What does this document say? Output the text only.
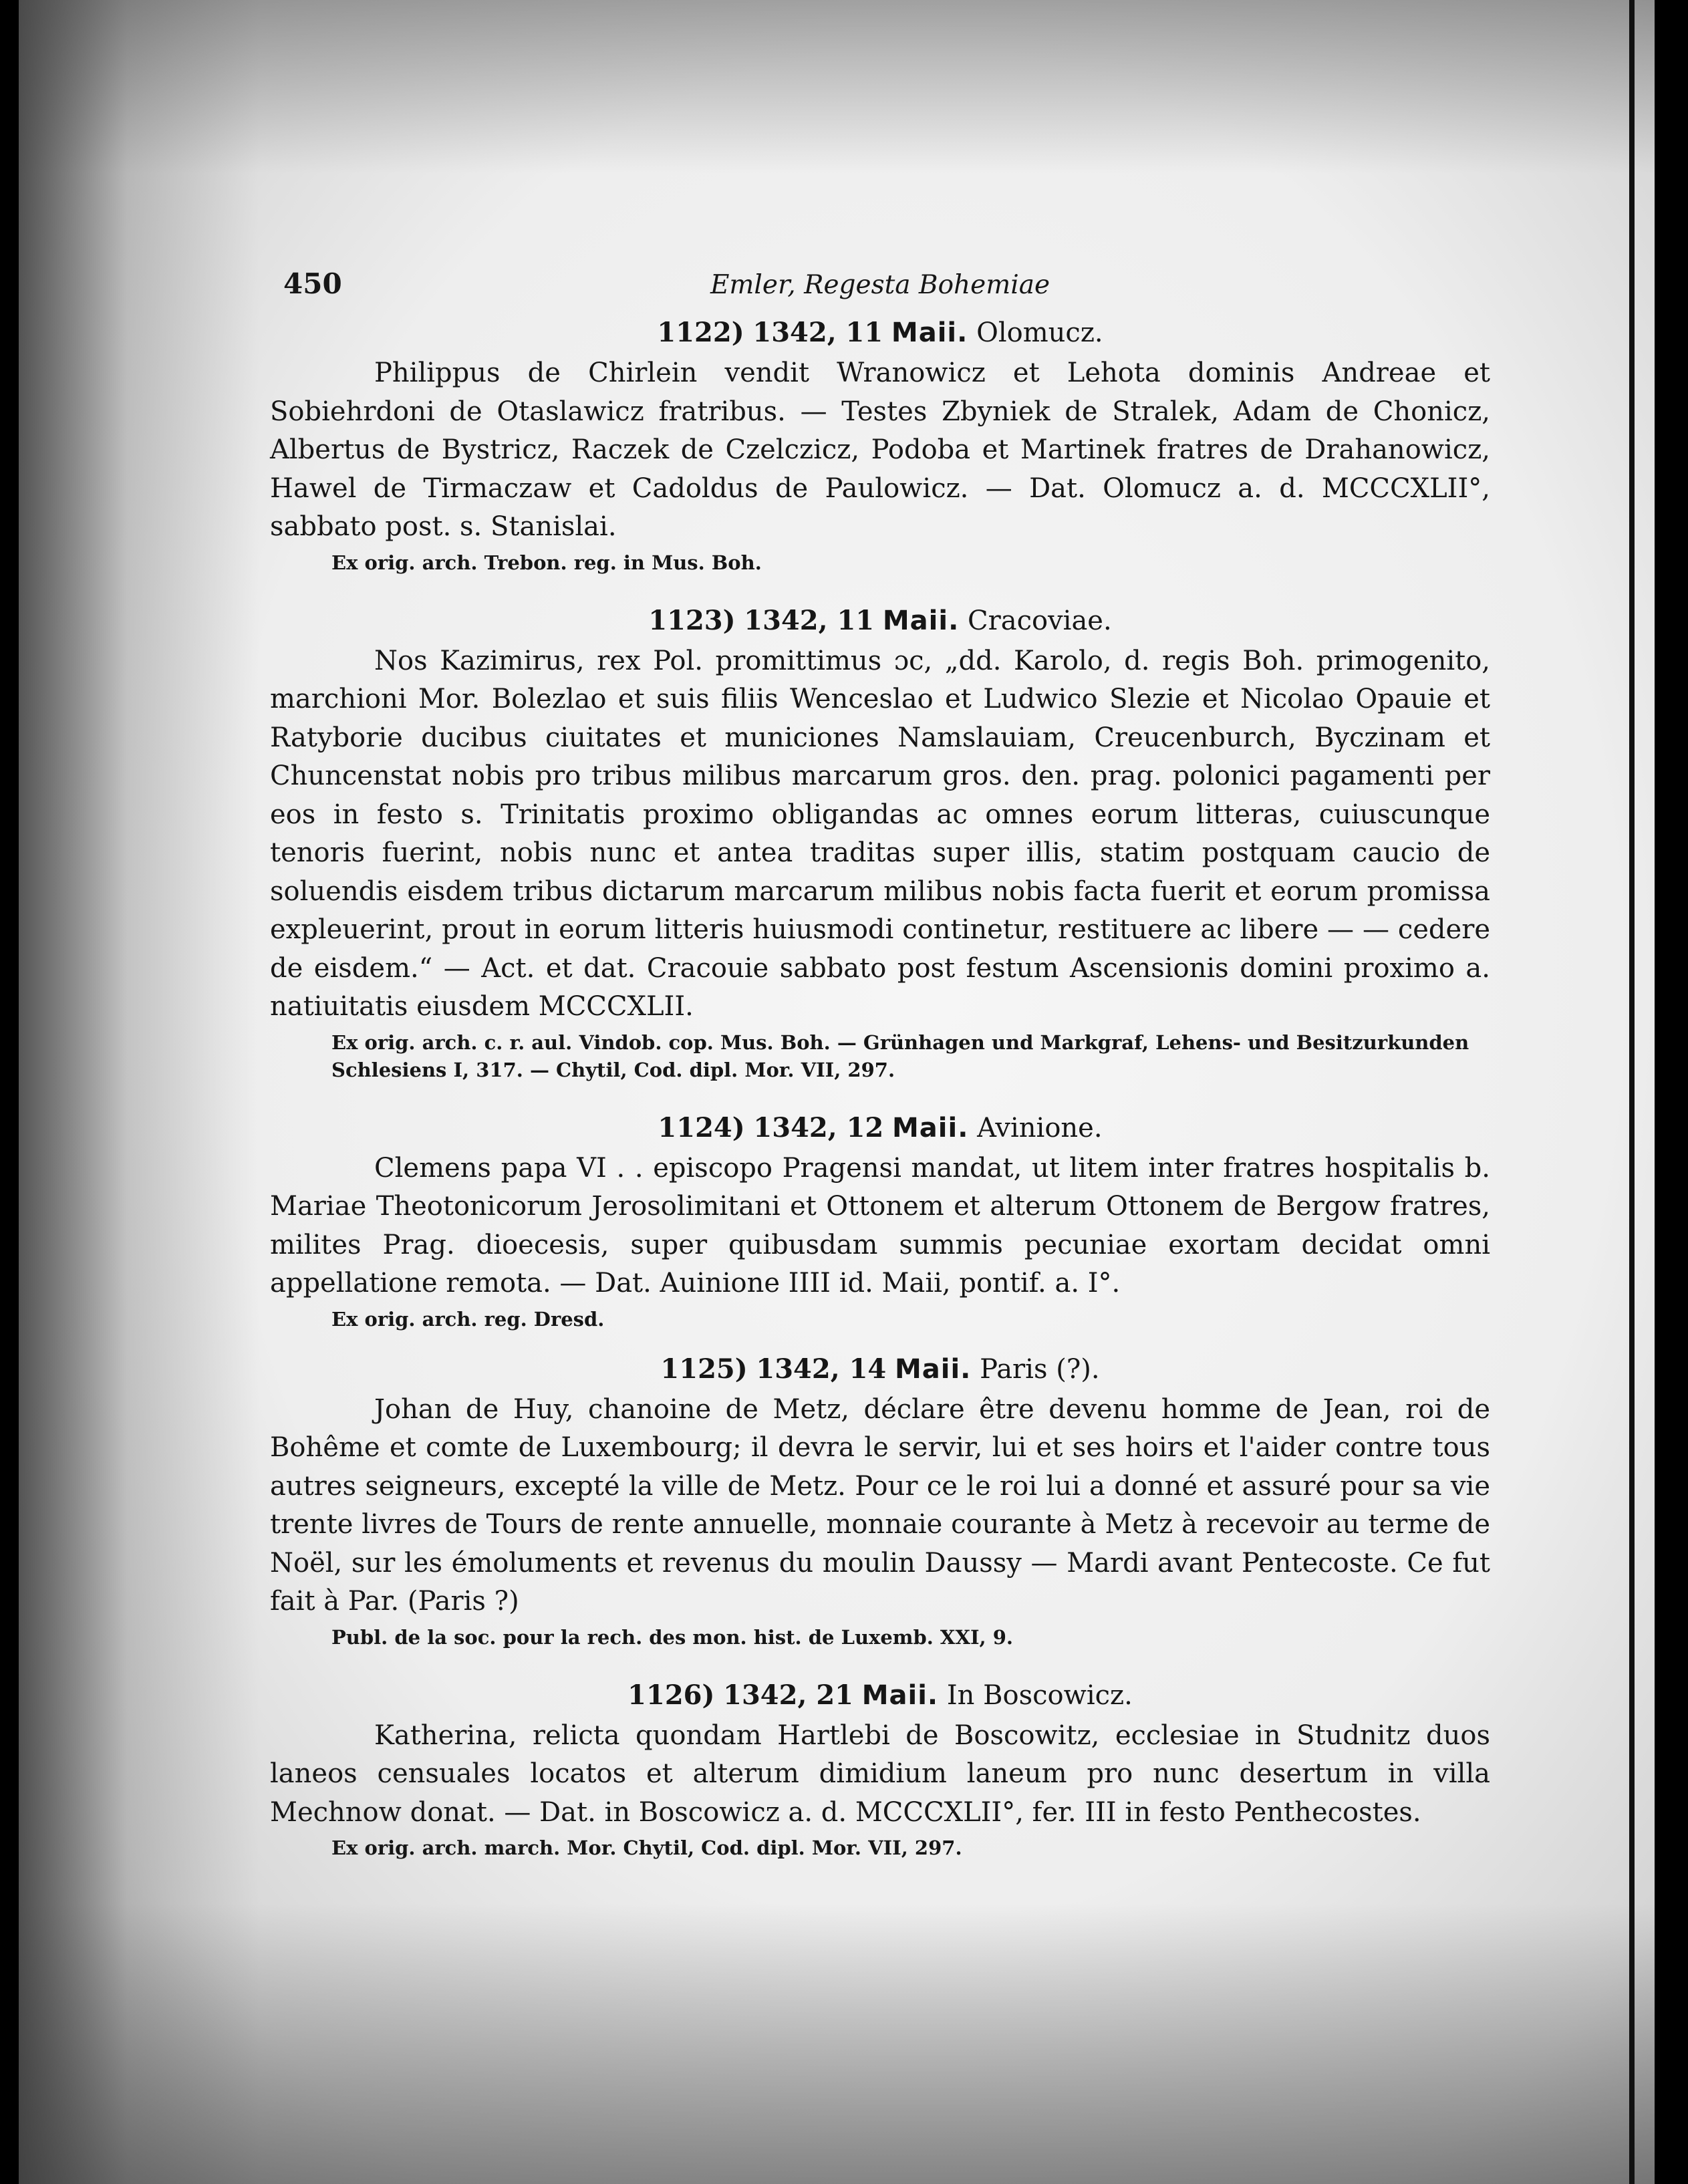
450	Emler, Regesta Bohemiae

1122) 1342, 11 Maii. Olomucz.

Philippus de Chirlein vendit Wranowicz et Lehota dominis Andreae et Sobiehrdoni de Otaslawicz fratribus. — Testes Zbyniek de Stralek, Adam de Chonicz, Albertus de Bystricz, Raczek de Czelczicz, Podoba et Martinek fratres de Drahanowicz, Hawel de Tirmaczaw et Cadoldus de Paulowicz. — Dat. Olomucz a. d. MCCCXLII°, sabbato post. s. Stanislai.

Ex orig. arch. Trebon. reg. in Mus. Boh.

1123) 1342, 11 Maii. Cracoviae.

Nos Kazimirus, rex Pol. promittimus ɔc, „dd. Karolo, d. regis Boh. primogenito, marchioni Mor. Bolezlao et suis filiis Wenceslao et Ludwico Slezie et Nicolao Opauie et Ratyborie ducibus ciuitates et municiones Namslauiam, Creucenburch, Byczinam et Chuncenstat nobis pro tribus milibus marcarum gros. den. prag. polonici pagamenti per eos in festo s. Trinitatis proximo obligandas ac omnes eorum litteras, cuiuscunque tenoris fuerint, nobis nunc et antea traditas super illis, statim postquam caucio de soluendis eisdem tribus dictarum marcarum milibus nobis facta fuerit et eorum promissa expleuerint, prout in eorum litteris huiusmodi continetur, restituere ac libere — — cedere de eisdem.“ — Act. et dat. Cracouie sabbato post festum Ascensionis domini proximo a. natiuitatis eiusdem MCCCXLII.

Ex orig. arch. c. r. aul. Vindob. cop. Mus. Boh. — Grünhagen und Markgraf, Lehens- und Besitzurkunden Schlesiens I, 317. — Chytil, Cod. dipl. Mor. VII, 297.

1124) 1342, 12 Maii. Avinione.

Clemens papa VI . . episcopo Pragensi mandat, ut litem inter fratres hospitalis b. Mariae Theotonicorum Jerosolimitani et Ottonem et alterum Ottonem de Bergow fratres, milites Prag. dioecesis, super quibusdam summis pecuniae exortam decidat omni appellatione remota. — Dat. Auinione IIII id. Maii, pontif. a. I°.

Ex orig. arch. reg. Dresd.

1125) 1342, 14 Maii. Paris (?).

Johan de Huy, chanoine de Metz, déclare être devenu homme de Jean, roi de Bohême et comte de Luxembourg; il devra le servir, lui et ses hoirs et l'aider contre tous autres seigneurs, excepté la ville de Metz. Pour ce le roi lui a donné et assuré pour sa vie trente livres de Tours de rente annuelle, monnaie courante à Metz à recevoir au terme de Noël, sur les émoluments et revenus du moulin Daussy — Mardi avant Pentecoste. Ce fut fait à Par. (Paris ?)

Publ. de la soc. pour la rech. des mon. hist. de Luxemb. XXI, 9.

1126) 1342, 21 Maii. In Boscowicz.

Katherina, relicta quondam Hartlebi de Boscowitz, ecclesiae in Studnitz duos laneos censuales locatos et alterum dimidium laneum pro nunc desertum in villa Mechnow donat. — Dat. in Boscowicz a. d. MCCCXLII°, fer. III in festo Penthecostes.

Ex orig. arch. march. Mor. Chytil, Cod. dipl. Mor. VII, 297.
